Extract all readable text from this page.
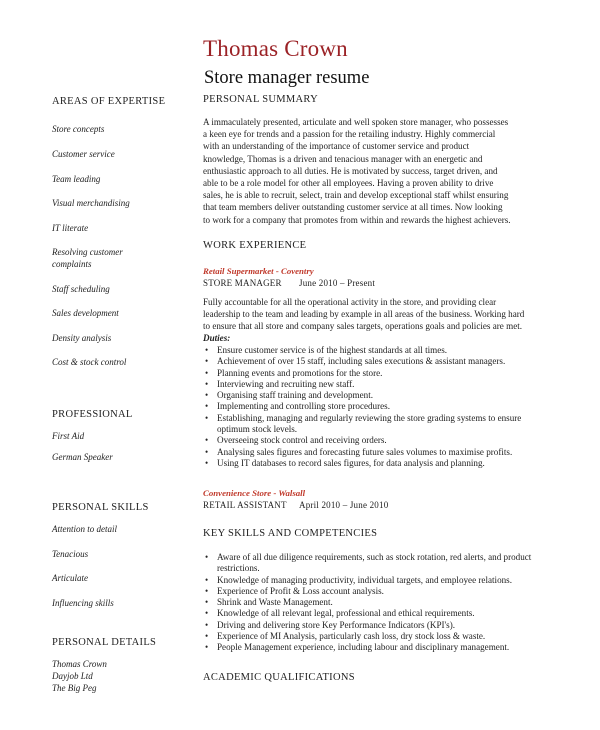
Thomas Crown
Store manager resume
AREAS OF EXPERTISE
Store concepts
Customer service
Team leading
Visual merchandising
IT literate
Resolving customer
complaints
Staff scheduling
Sales development
Density analysis
Cost & stock control
PROFESSIONAL
First Aid
German Speaker
PERSONAL SKILLS
Attention to detail
Tenacious
Articulate
Influencing skills
PERSONAL DETAILS
Thomas Crown
Dayjob Ltd
The Big Peg
PERSONAL SUMMARY
A immaculately presented, articulate and well spoken store manager, who possesses
a keen eye for trends and a passion for the retailing industry. Highly commercial
with an understanding of the importance of customer service and product
knowledge, Thomas is a driven and tenacious manager with an energetic and
enthusiastic approach to all duties. He is motivated by success, target driven, and
able to be a role model for other all employees. Having a proven ability to drive
sales, he is able to recruit, select, train and develop exceptional staff whilst ensuring
that team members deliver outstanding customer service at all times. Now looking
to work for a company that promotes from within and rewards the highest achievers.
WORK EXPERIENCE
Retail Supermarket - Coventry
STORE MANAGER June 2010 – Present
Fully accountable for all the operational activity in the store, and providing clear
leadership to the team and leading by example in all areas of the business. Working hard
to ensure that all store and company sales targets, operations goals and policies are met.
Duties:
• Ensure customer service is of the highest standards at all times.
• Achievement of over 15 staff, including sales executions & assistant managers.
• Planning events and promotions for the store.
• Interviewing and recruiting new staff.
• Organising staff training and development.
• Implementing and controlling store procedures.
• Establishing, managing and regularly reviewing the store grading systems to ensure
optimum stock levels.
• Overseeing stock control and receiving orders.
• Analysing sales figures and forecasting future sales volumes to maximise profits.
• Using IT databases to record sales figures, for data analysis and planning.
Convenience Store - Walsall
RETAIL ASSISTANT April 2010 – June 2010
KEY SKILLS AND COMPETENCIES
• Aware of all due diligence requirements, such as stock rotation, red alerts, and product
restrictions.
• Knowledge of managing productivity, individual targets, and employee relations.
• Experience of Profit & Loss account analysis.
• Shrink and Waste Management.
• Knowledge of all relevant legal, professional and ethical requirements.
• Driving and delivering store Key Performance Indicators (KPI's).
• Experience of MI Analysis, particularly cash loss, dry stock loss & waste.
• People Management experience, including labour and disciplinary management.
ACADEMIC QUALIFICATIONS
